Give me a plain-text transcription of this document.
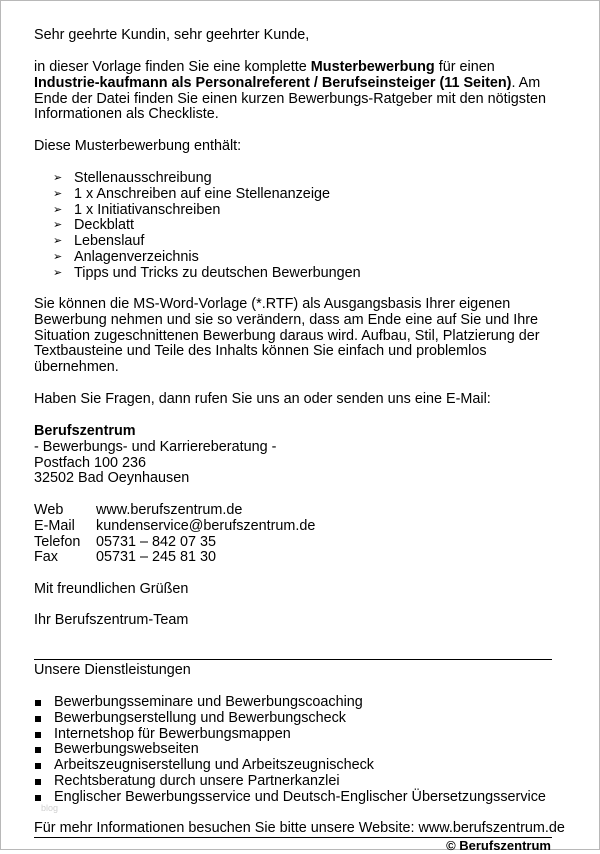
Sehr geehrte Kundin, sehr geehrter Kunde,

in dieser Vorlage finden Sie eine komplette Musterbewerbung für einen Industrie-kaufmann als Personalreferent / Berufseinsteiger (11 Seiten). Am Ende der Datei finden Sie einen kurzen Bewerbungs-Ratgeber mit den nötigsten Informationen als Checkliste.

Diese Musterbewerbung enthält:

➢ Stellenausschreibung
➢ 1 x Anschreiben auf eine Stellenanzeige
➢ 1 x Initiativanschreiben
➢ Deckblatt
➢ Lebenslauf
➢ Anlagenverzeichnis
➢ Tipps und Tricks zu deutschen Bewerbungen

Sie können die MS-Word-Vorlage (*.RTF) als Ausgangsbasis Ihrer eigenen Bewerbung nehmen und sie so verändern, dass am Ende eine auf Sie und Ihre Situation zugeschnittenen Bewerbung daraus wird. Aufbau, Stil, Platzierung der Textbausteine und Teile des Inhalts können Sie einfach und problemlos übernehmen.

Haben Sie Fragen, dann rufen Sie uns an oder senden uns eine E-Mail:

Berufszentrum

- Bewerbungs- und Karriereberatung -

Postfach 100 236

32502 Bad Oeynhausen

Web www.berufszentrum.de
E-Mail kundenservice@berufszentrum.de
Telefon 05731 – 842 07 35
Fax	05731 – 245 81 30

Mit freundlichen Grüßen

Ihr Berufszentrum-Team

Unsere Dienstleistungen

Bewerbungsseminare und Bewerbungscoaching
Bewerbungserstellung und Bewerbungscheck
Internetshop für Bewerbungsmappen
Bewerbungswebseiten
Arbeitszeugniserstellung und Arbeitszeugnischeck
Rechtsberatung durch unsere Partnerkanzlei
Englischer Bewerbungsservice und Deutsch-Englischer Übersetzungsservice
blog

Für mehr Informationen besuchen Sie bitte unsere Website: www.berufszentrum.de

© Berufszentrum
